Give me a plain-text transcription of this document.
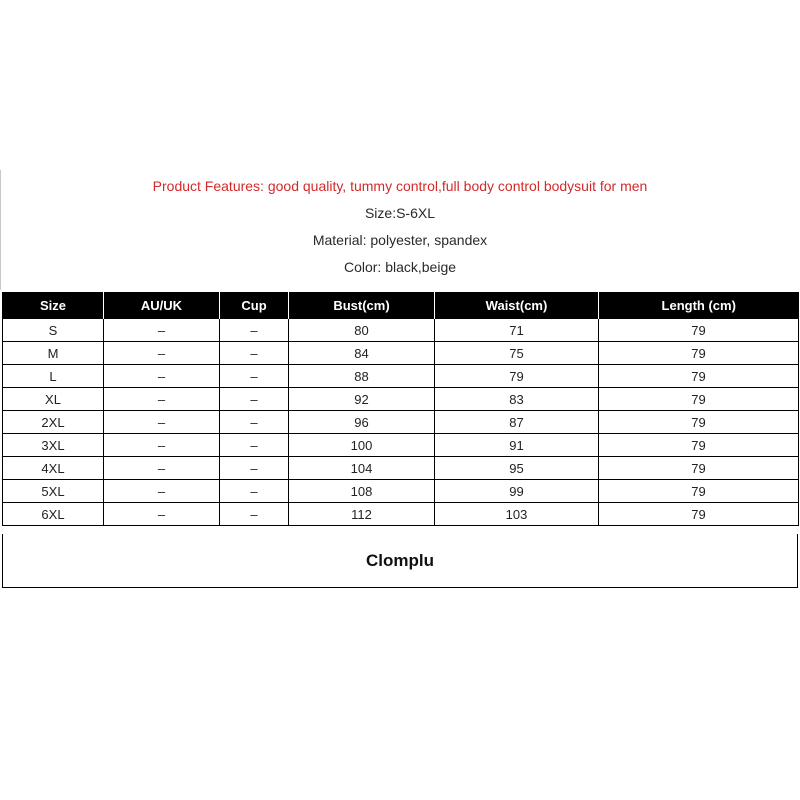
Product Features: good quality, tummy control,full body control bodysuit for men
Size:S-6XL
Material: polyester, spandex
Color: black,beige
Size	AU/UK	Cup	Bust(cm)	Waist(cm)	Length (cm)
S	–	–	80	71	79
M	–	–	84	75	79
L	–	–	88	79	79
XL	–	–	92	83	79
2XL	–	–	96	87	79
3XL	–	–	100	91	79
4XL	–	–	104	95	79
5XL	–	–	108	99	79
6XL	–	–	112	103	79
Clomplu
